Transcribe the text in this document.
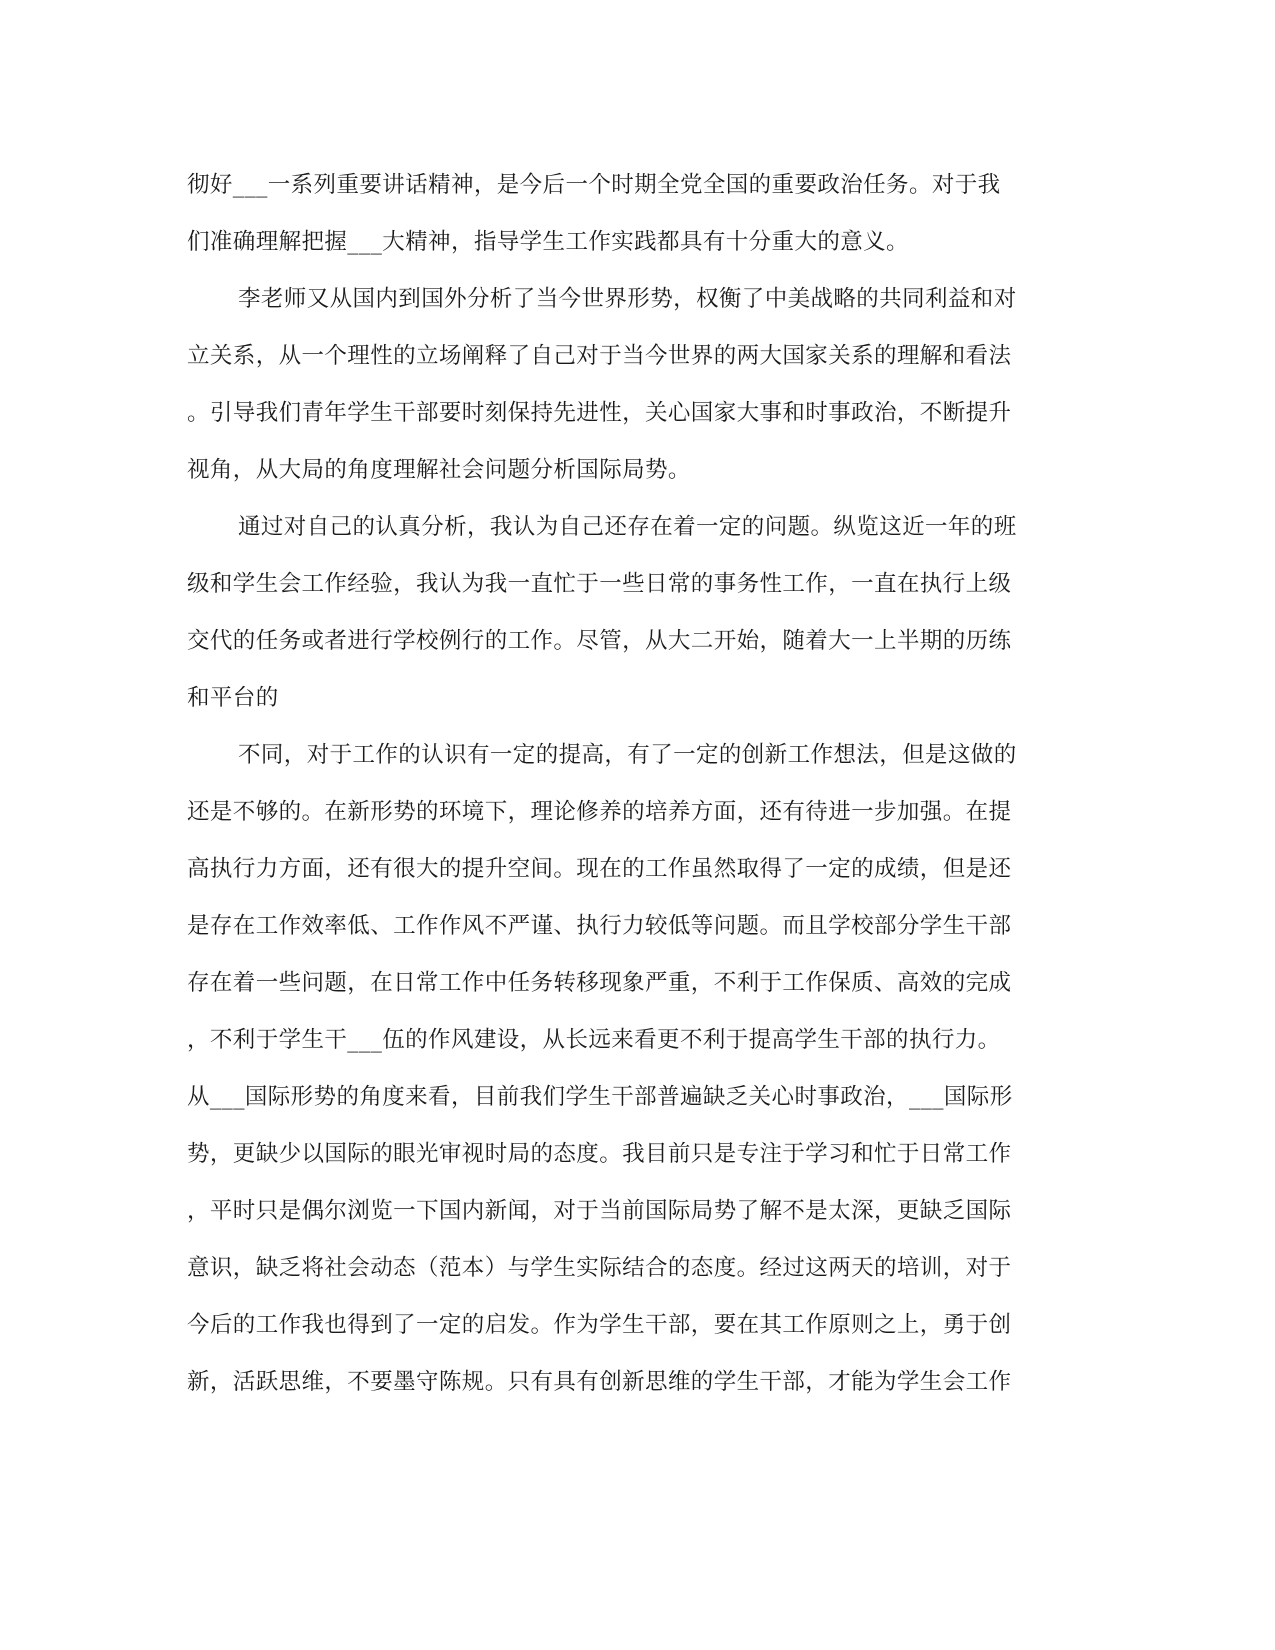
彻好___一系列重要讲话精神，是今后一个时期全党全国的重要政治任务。对于我
们准确理解把握___大精神，指导学生工作实践都具有十分重大的意义。
李老师又从国内到国外分析了当今世界形势，权衡了中美战略的共同利益和对
立关系，从一个理性的立场阐释了自己对于当今世界的两大国家关系的理解和看法
。引导我们青年学生干部要时刻保持先进性，关心国家大事和时事政治，不断提升
视角，从大局的角度理解社会问题分析国际局势。
通过对自己的认真分析，我认为自己还存在着一定的问题。纵览这近一年的班
级和学生会工作经验，我认为我一直忙于一些日常的事务性工作，一直在执行上级
交代的任务或者进行学校例行的工作。尽管，从大二开始，随着大一上半期的历练
和平台的
不同，对于工作的认识有一定的提高，有了一定的创新工作想法，但是这做的
还是不够的。在新形势的环境下，理论修养的培养方面，还有待进一步加强。在提
高执行力方面，还有很大的提升空间。现在的工作虽然取得了一定的成绩，但是还
是存在工作效率低、工作作风不严谨、执行力较低等问题。而且学校部分学生干部
存在着一些问题，在日常工作中任务转移现象严重，不利于工作保质、高效的完成
，不利于学生干___伍的作风建设，从长远来看更不利于提高学生干部的执行力。
从___国际形势的角度来看，目前我们学生干部普遍缺乏关心时事政治，___国际形
势，更缺少以国际的眼光审视时局的态度。我目前只是专注于学习和忙于日常工作
，平时只是偶尔浏览一下国内新闻，对于当前国际局势了解不是太深，更缺乏国际
意识，缺乏将社会动态（范本）与学生实际结合的态度。经过这两天的培训，对于
今后的工作我也得到了一定的启发。作为学生干部，要在其工作原则之上，勇于创
新，活跃思维，不要墨守陈规。只有具有创新思维的学生干部，才能为学生会工作
